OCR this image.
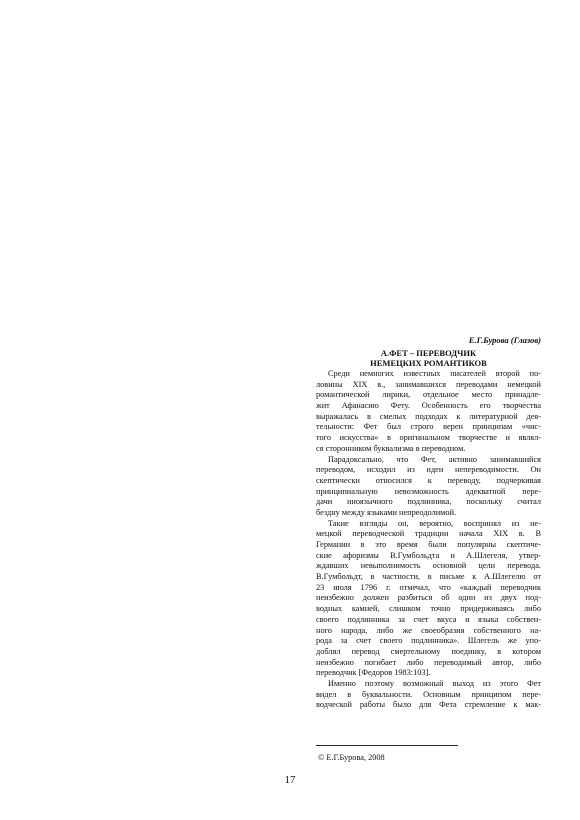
Е.Г.Бурова (Глазов)
А.ФЕТ – ПЕРЕВОДЧИК
НЕМЕЦКИХ РОМАНТИКОВ
Среди немногих известных писателей второй по-
ловины XIX в., занимавшихся переводами немецкой
романтической лирики, отдельное место принадле-
жит Афанасию Фету. Особенность его творчества
выражалась в смелых подходах к литературной дея-
тельности: Фет был строго верен принципам «чис-
того искусства» в оригинальном творчестве и являл-
ся сторонником буквализма в переводном.
Парадоксально, что Фет, активно занимавшийся
переводом, исходил из идеи непереводимости. Он
скептически относился к переводу, подчеркивая
принципиальную невозможность адекватной пере-
дачи иноязычного подлинника, поскольку считал
бездну между языками непреодолимой.
Такие взгляды он, вероятно, воспринял из не-
мецкой переводческой традиции начала XIX в. В
Германии в это время были популярны скептиче-
ские афоризмы В.Гумбольдта и А.Шлегеля, утвер-
ждавших невыполнимость основной цели перевода.
В.Гумбольдт, в частности, в письме к А.Шлегелю от
23 июля 1796 г. отмечал, что «каждый переводчик
неизбежно должен разбиться об один из двух под-
водных камней, слишком точно придерживаясь либо
своего подлинника за счет вкуса и языка собствен-
ного народа, либо же своеобразия собственного на-
рода за счет своего подлинника». Шлегель же упо-
доблял перевод смертельному поединку, в котором
неизбежно погибает либо переводимый автор, либо
переводчик [Федоров 1983:103].
Именно поэтому возможный выход из этого Фет
видел в буквальности. Основным принципом пере-
водческой работы было для Фета стремление к мак-
© Е.Г.Бурова, 2008
17
